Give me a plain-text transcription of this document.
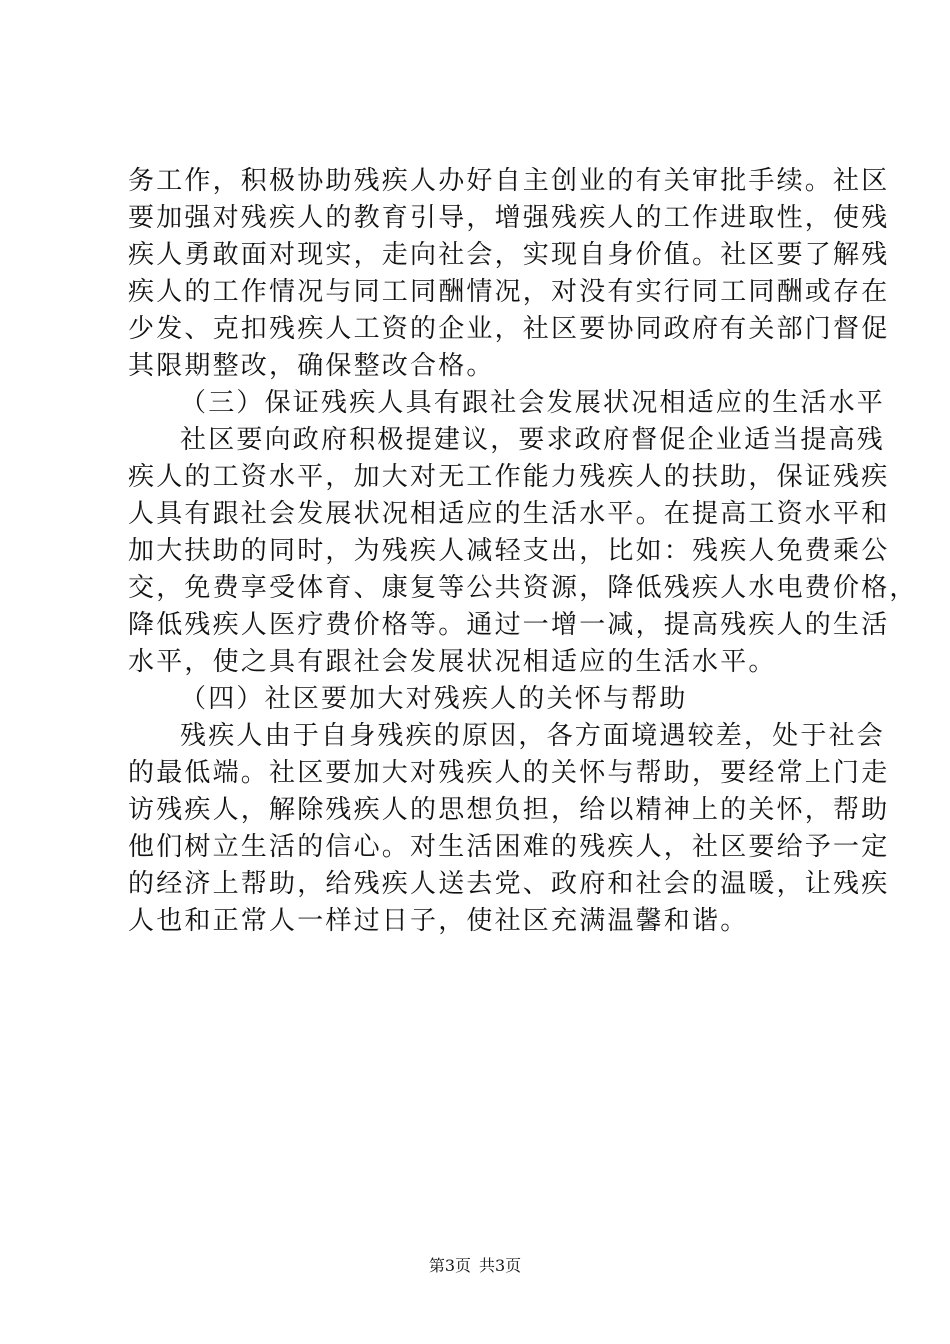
务工作，积极协助残疾人办好自主创业的有关审批手续。社区
要加强对残疾人的教育引导，增强残疾人的工作进取性，使残
疾人勇敢面对现实，走向社会，实现自身价值。社区要了解残
疾人的工作情况与同工同酬情况，对没有实行同工同酬或存在
少发、克扣残疾人工资的企业，社区要协同政府有关部门督促
其限期整改，确保整改合格。
（三）保证残疾人具有跟社会发展状况相适应的生活水平
社区要向政府积极提建议，要求政府督促企业适当提高残
疾人的工资水平，加大对无工作能力残疾人的扶助，保证残疾
人具有跟社会发展状况相适应的生活水平。在提高工资水平和
加大扶助的同时，为残疾人减轻支出，比如：残疾人免费乘公
交，免费享受体育、康复等公共资源，降低残疾人水电费价格，
降低残疾人医疗费价格等。通过一增一减，提高残疾人的生活
水平，使之具有跟社会发展状况相适应的生活水平。
（四）社区要加大对残疾人的关怀与帮助
残疾人由于自身残疾的原因，各方面境遇较差，处于社会
的最低端。社区要加大对残疾人的关怀与帮助，要经常上门走
访残疾人，解除残疾人的思想负担，给以精神上的关怀，帮助
他们树立生活的信心。对生活困难的残疾人，社区要给予一定
的经济上帮助，给残疾人送去党、政府和社会的温暖，让残疾
人也和正常人一样过日子，使社区充满温馨和谐。
第3页 共3页
